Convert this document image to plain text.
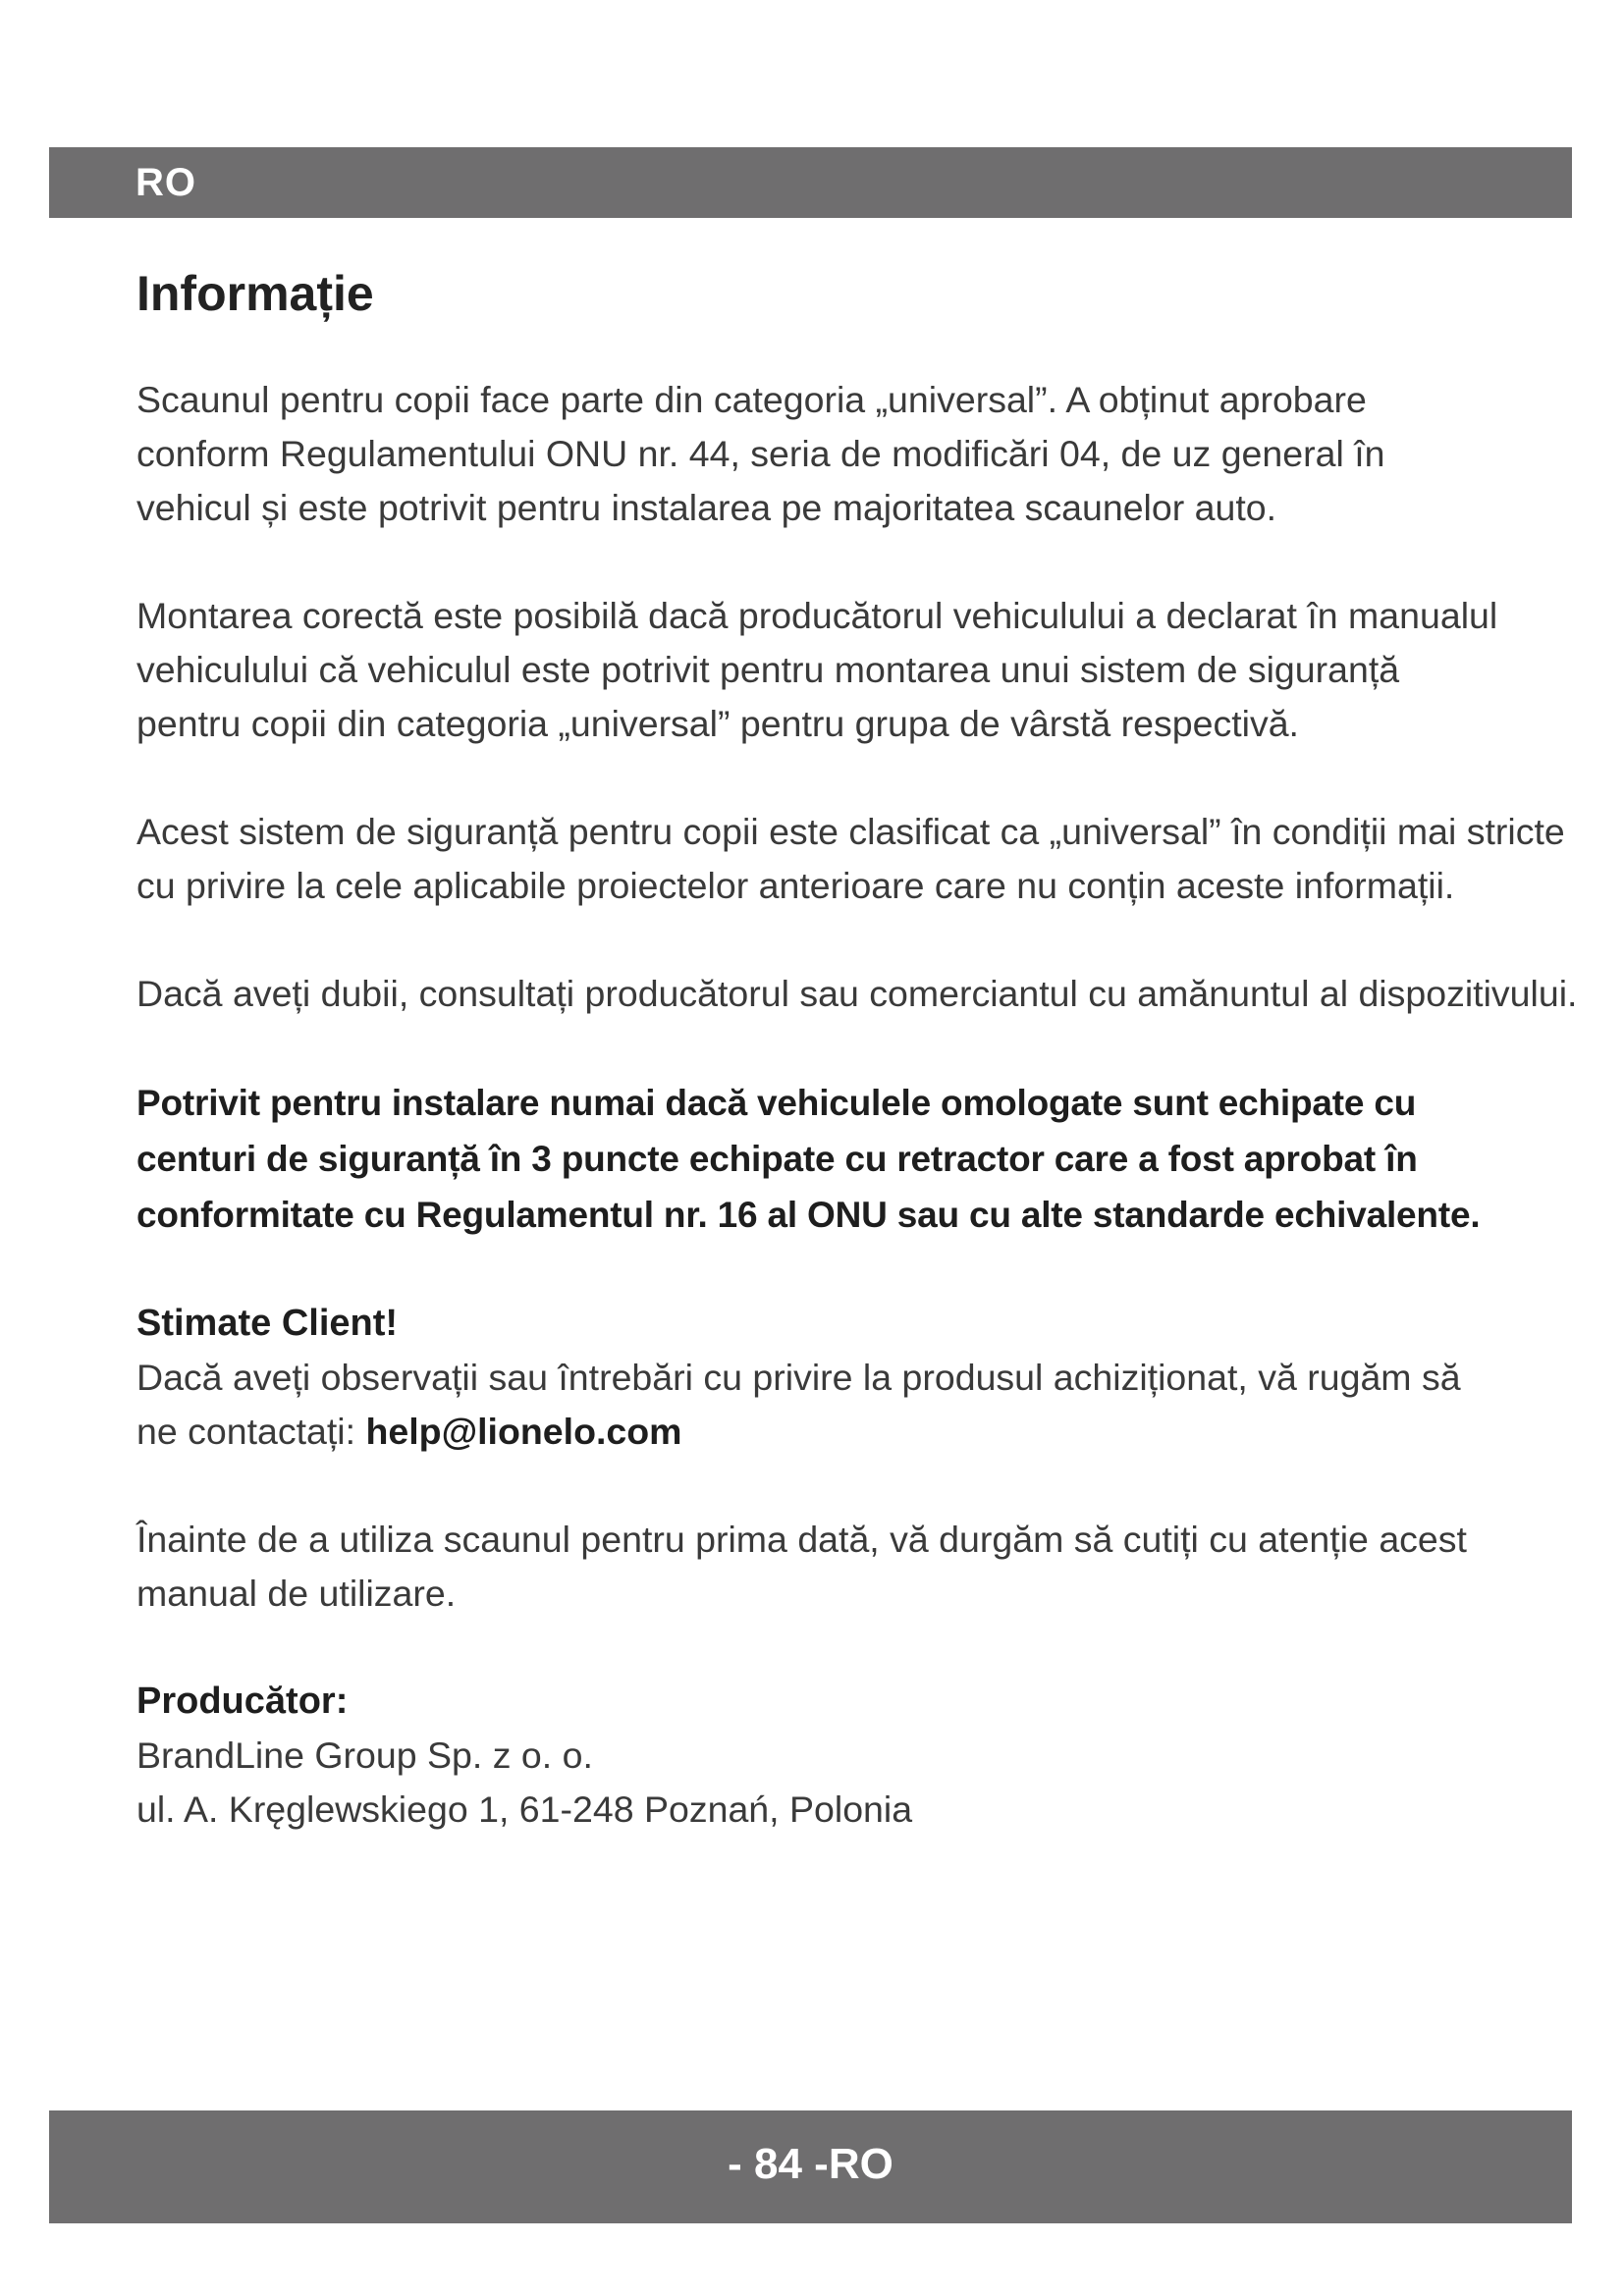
RO
Informație

Scaunul pentru copii face parte din categoria „universal”. A obținut aprobare

conform Regulamentului ONU nr. 44, seria de modificări 04, de uz general în

vehicul și este potrivit pentru instalarea pe majoritatea scaunelor auto.

Montarea corectă este posibilă dacă producătorul vehiculului a declarat în manualul

vehiculului că vehiculul este potrivit pentru montarea unui sistem de siguranță

pentru copii din categoria „universal” pentru grupa de vârstă respectivă.

Acest sistem de siguranță pentru copii este clasificat ca „universal” în condiții mai stricte

cu privire la cele aplicabile proiectelor anterioare care nu conțin aceste informații.

Dacă aveți dubii, consultați producătorul sau comerciantul cu amănuntul al dispozitivului.

Potrivit pentru instalare numai dacă vehiculele omologate sunt echipate cu

centuri de siguranță în 3 puncte echipate cu retractor care a fost aprobat în

conformitate cu Regulamentul nr. 16 al ONU sau cu alte standarde echivalente.

Stimate Client!

Dacă aveți observații sau întrebări cu privire la produsul achiziționat, vă rugăm să

ne contactați: help@lionelo.com

Înainte de a utiliza scaunul pentru prima dată, vă durgăm să cutiți cu atenție acest

manual de utilizare.

Producător:

BrandLine Group Sp. z o. o.

ul. A. Kręglewskiego 1, 61-248 Poznań, Polonia

- 84 -RO
